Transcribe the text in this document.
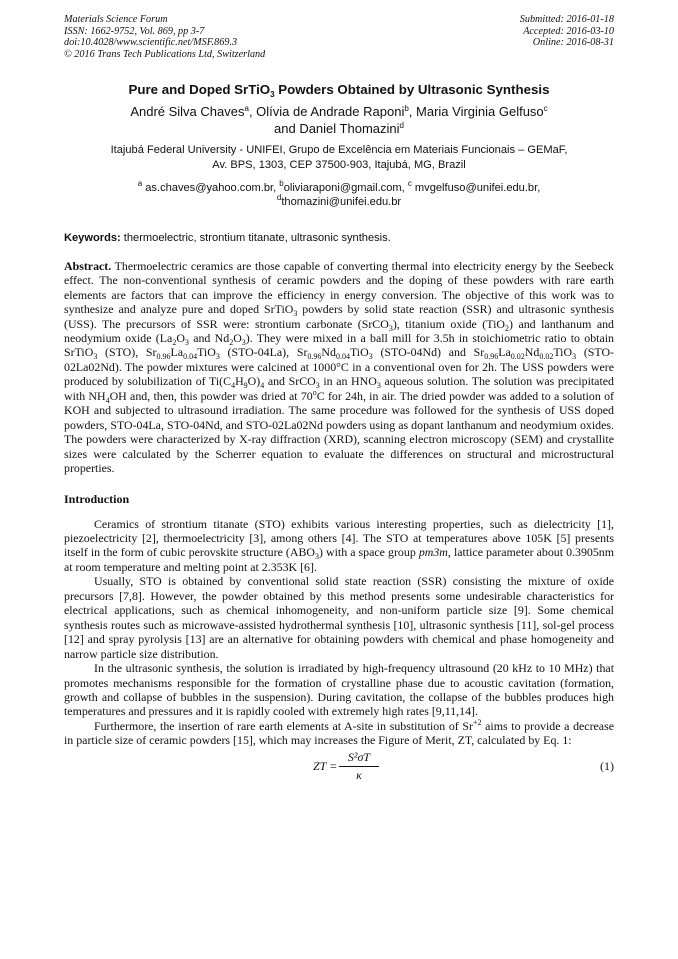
Materials Science Forum
ISSN: 1662-9752, Vol. 869, pp 3-7
doi:10.4028/www.scientific.net/MSF.869.3
© 2016 Trans Tech Publications Ltd, Switzerland
Submitted: 2016-01-18
Accepted: 2016-03-10
Online: 2016-08-31
Pure and Doped SrTiO$_3$ Powders Obtained by Ultrasonic Synthesis
André Silva Chaves$^a$, Olívia de Andrade Raponi$^b$, Maria Virginia Gelfuso$^c$
and Daniel Thomazini$^d$
Itajubá Federal University - UNIFEI, Grupo de Excelência em Materiais Funcionais – GEMaF,
Av. BPS, 1303, CEP 37500-903, Itajubá, MG, Brazil
$^a$ as.chaves@yahoo.com.br, $^b$oliviaraponi@gmail.com, $^c$ mvgelfuso@unifei.edu.br,
$^d$thomazini@unifei.edu.br
Keywords: thermoelectric, strontium titanate, ultrasonic synthesis.

Abstract. Thermoelectric ceramics are those capable of converting thermal into electricity energy by the Seebeck effect. The non-conventional synthesis of ceramic powders and the doping of these powders with rare earth elements are factors that can improve the efficiency in energy conversion. The objective of this work was to synthesize and analyze pure and doped SrTiO$_3$ powders by solid state reaction (SSR) and ultrasonic synthesis (USS). The precursors of SSR were: strontium carbonate (SrCO$_3$), titanium oxide (TiO$_2$) and lanthanum and neodymium oxide ($La_2O_3$ and $Nd_2O_3$). They were mixed in a ball mill for 3.5h in stoichiometric ratio to obtain SrTiO$_3$ (STO), $Sr_{0.96}La_{0.04}TiO_3$ (STO-04La), $Sr_{0.96}Nd_{0.04}TiO_3$ (STO-04Nd) and $Sr_{0.96}La_{0.02}Nd_{0.02}TiO_3$ (STO-02La02Nd). The powder mixtures were calcined at 1000°C in a conventional oven for 2h. The USS powders were produced by solubilization of $Ti(C_4H_9O)_4$ and SrCO$_3$ in an $HNO_3$ aqueous solution. The solution was precipitated with $NH_4OH$ and, then, this powder was dried at 70$^o$C for 24h, in air. The dried powder was added to a solution of KOH and subjected to ultrasound irradiation. The same procedure was followed for the synthesis of USS doped powders, STO-04La, STO-04Nd, and STO-02La02Nd powders using as dopant lanthanum and neodymium oxides. The powders were characterized by X-ray diffraction (XRD), scanning electron microscopy (SEM) and crystallite sizes were calculated by the Scherrer equation to evaluate the differences on structural and microstructural properties.

Introduction

Ceramics of strontium titanate (STO) exhibits various interesting properties, such as dielectricity [1], piezoelectricity [2], thermoelectricity [3], among others [4]. The STO at temperatures above 105K [5] presents itself in the form of cubic perovskite structure $(ABO_3)$ with a space group pm3m, lattice parameter about 0.3905nm at room temperature and melting point at 2.353K [6].

Usually, STO is obtained by conventional solid state reaction (SSR) consisting the mixture of oxide precursors [7,8]. However, the powder obtained by this method presents some undesirable characteristics for electrical applications, such as chemical inhomogeneity, and non-uniform particle size [9]. Some chemical synthesis routes such as microwave-assisted hydrothermal synthesis [10], ultrasonic synthesis [11], sol-gel process [12] and spray pyrolysis [13] are an alternative for obtaining powders with chemical and phase homogeneity and narrow particle size distribution.

In the ultrasonic synthesis, the solution is irradiated by high-frequency ultrasound (20 kHz to 10 MHz) that promotes mechanisms responsible for the formation of crystalline phase due to acoustic cavitation (formation, growth and collapse of bubbles in the suspension). During cavitation, the collapse of the bubbles produces high temperatures and pressures and it is rapidly cooled with extremely high rates [9,11,14].

Furthermore, the insertion of rare earth elements at A-site in substitution of $Sr^{+2}$ aims to provide a decrease in particle size of ceramic powders [15], which may increases the Figure of Merit, ZT, calculated by Eq. 1:

ZT = $\frac{\text{S²σT}}{\kappa}$	(1)
